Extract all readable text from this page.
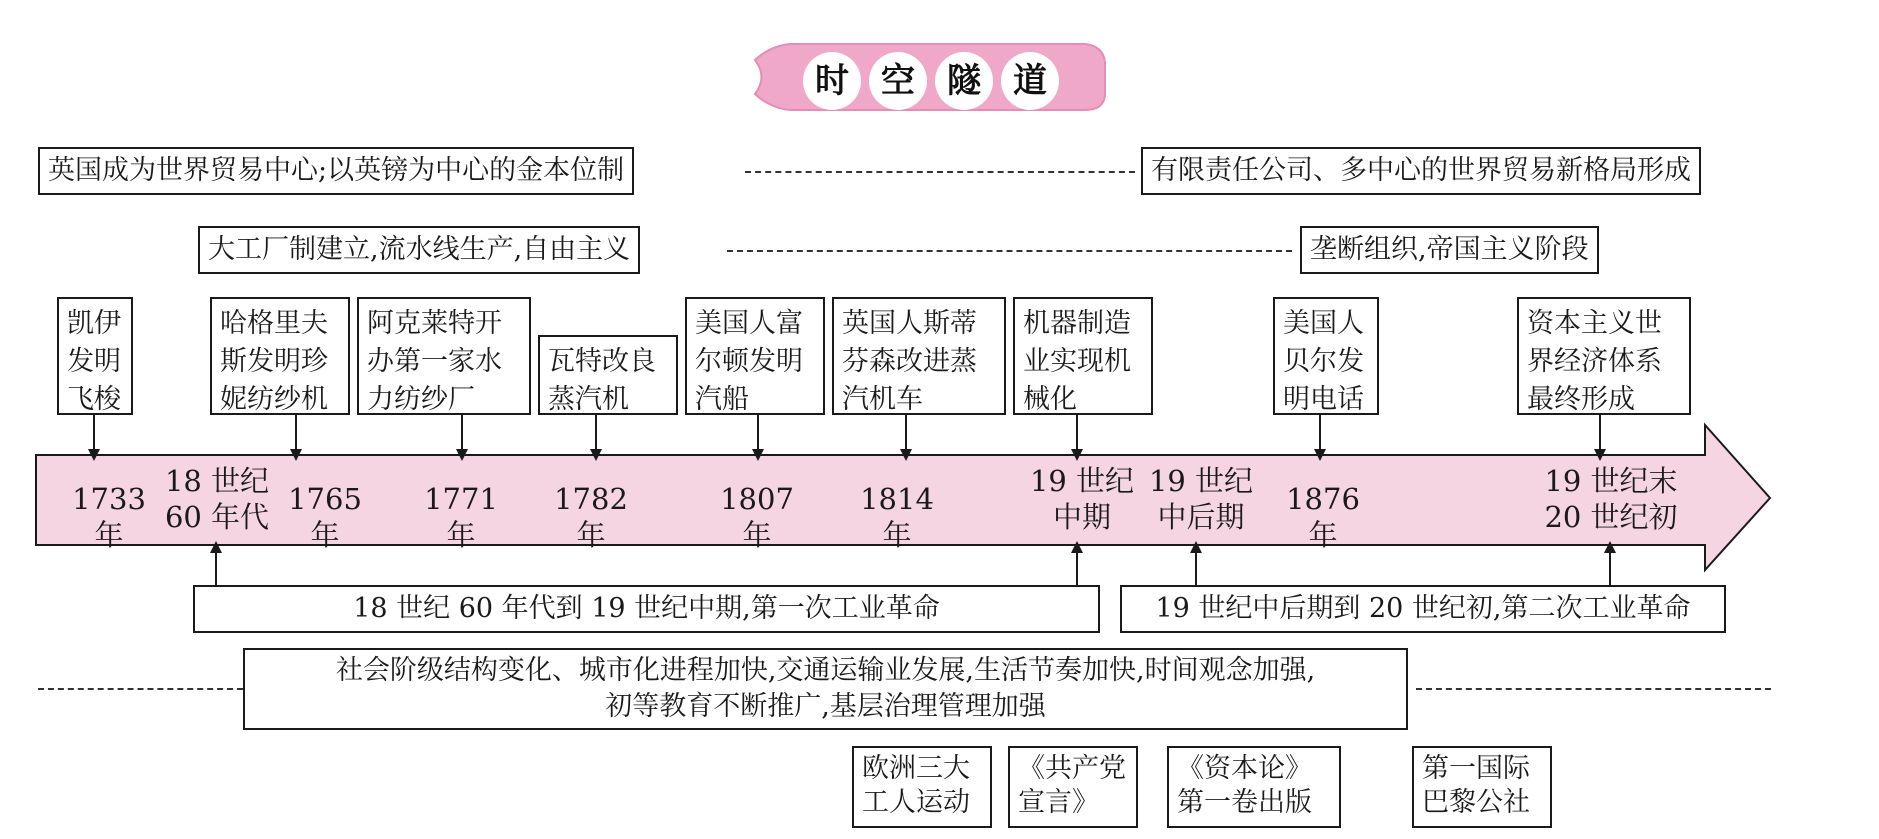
时 空 隧 道
英国成为世界贸易中心;以英镑为中心的金本位制	有限责任公司、多中心的世界贸易新格局形成
大工厂制建立,流水线生产,自由主义	垄断组织,帝国主义阶段
凯伊
发明
飞梭
哈格里夫
斯发明珍
妮纺纱机
阿克莱特开
办第一家水
力纺纱厂
瓦特改良
蒸汽机
美国人富
尔顿发明
汽船
英国人斯蒂
芬森改进蒸
汽机车
机器制造
业实现机
械化
美国人
贝尔发
明电话
资本主义世
界经济体系
最终形成
1733 年
18 世纪
60 年代
1765 年
1771 年
1782 年
1807 年
1814 年
19 世纪
中期
19 世纪
中后期
1876 年
19 世纪末
20 世纪初
18 世纪 60 年代到 19 世纪中期,第一次工业革命	19 世纪中后期到 20 世纪初,第二次工业革命
社会阶级结构变化、城市化进程加快,交通运输业发展,生活节奏加快,时间观念加强,
初等教育不断推广,基层治理管理加强
欧洲三大
工人运动
《共产党
宣言》
《资本论》
第一卷出版
第一国际
巴黎公社
